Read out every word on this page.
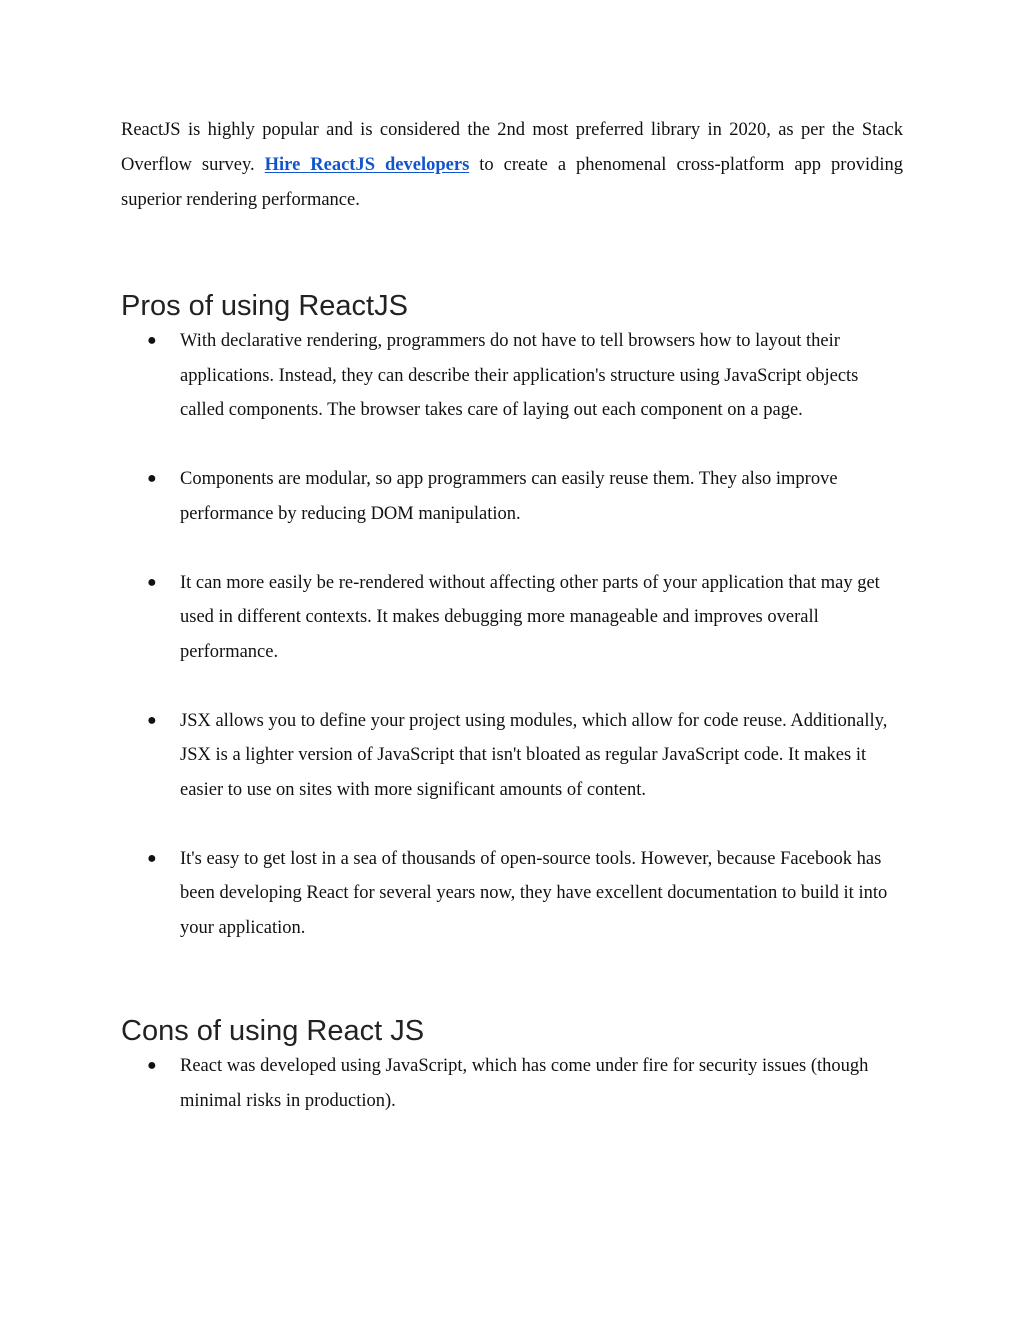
ReactJS is highly popular and is considered the 2nd most preferred library in 2020, as per the Stack Overflow survey. Hire ReactJS developers to create a phenomenal cross-platform app providing superior rendering performance.

Pros of using ReactJS
● With declarative rendering, programmers do not have to tell browsers how to layout their applications. Instead, they can describe their application's structure using JavaScript objects called components. The browser takes care of laying out each component on a page.
● Components are modular, so app programmers can easily reuse them. They also improve performance by reducing DOM manipulation.
● It can more easily be re-rendered without affecting other parts of your application that may get used in different contexts. It makes debugging more manageable and improves overall performance.
● JSX allows you to define your project using modules, which allow for code reuse. Additionally, JSX is a lighter version of JavaScript that isn't bloated as regular JavaScript code. It makes it easier to use on sites with more significant amounts of content.
● It's easy to get lost in a sea of thousands of open-source tools. However, because Facebook has been developing React for several years now, they have excellent documentation to build it into your application.
Cons of using React JS
● React was developed using JavaScript, which has come under fire for security issues (though minimal risks in production).
